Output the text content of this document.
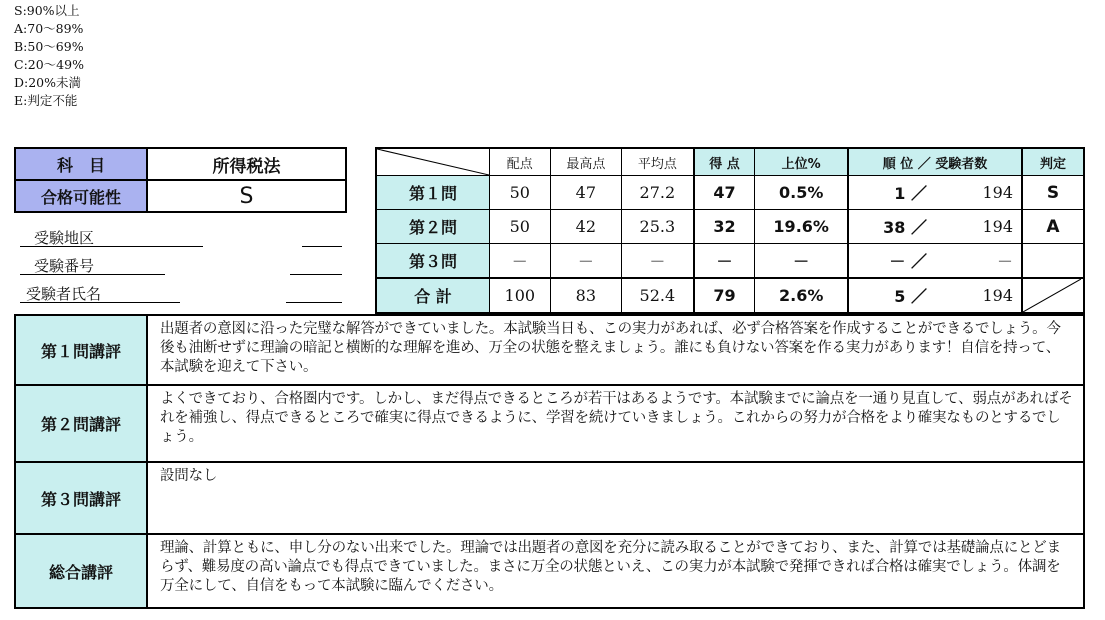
S:90%以上
A:70～89%
B:50～69%
C:20～49%
D:20%未満
E:判定不能
科　目	所得税法
合格可能性	S
受験地区
受験番号
受験者氏名
	配点	最高点	平均点	得 点	上位%	順 位 ／ 受験者数		判定
第１問	50	47	27.2	47	0.5%	1 ／	194	S
第２問	50	42	25.3	32	19.6%	38 ／	194	A
第３問	－	－	－	－	－	－ ／	－	
合 計	100	83	52.4	79	2.6%	5 ／	194	
第１問講評	出題者の意図に沿った完璧な解答ができていました。本試験当日も、この実力があれば、必ず合格答案を作成することができるでしょう。今後も油断せずに理論の暗記と横断的な理解を進め、万全の状態を整えましょう。誰にも負けない答案を作る実力があります！自信を持って、本試験を迎えて下さい。
第２問講評	よくできており、合格圏内です。しかし、まだ得点できるところが若干はあるようです。本試験までに論点を一通り見直して、弱点があればそれを補強し、得点できるところで確実に得点できるように、学習を続けていきましょう。これからの努力が合格をより確実なものとするでしょう。
第３問講評	設問なし
総合講評	理論、計算ともに、申し分のない出来でした。理論では出題者の意図を充分に読み取ることができており、また、計算では基礎論点にとどまらず、難易度の高い論点でも得点できていました。まさに万全の状態といえ、この実力が本試験で発揮できれば合格は確実でしょう。体調を万全にして、自信をもって本試験に臨んでください。
